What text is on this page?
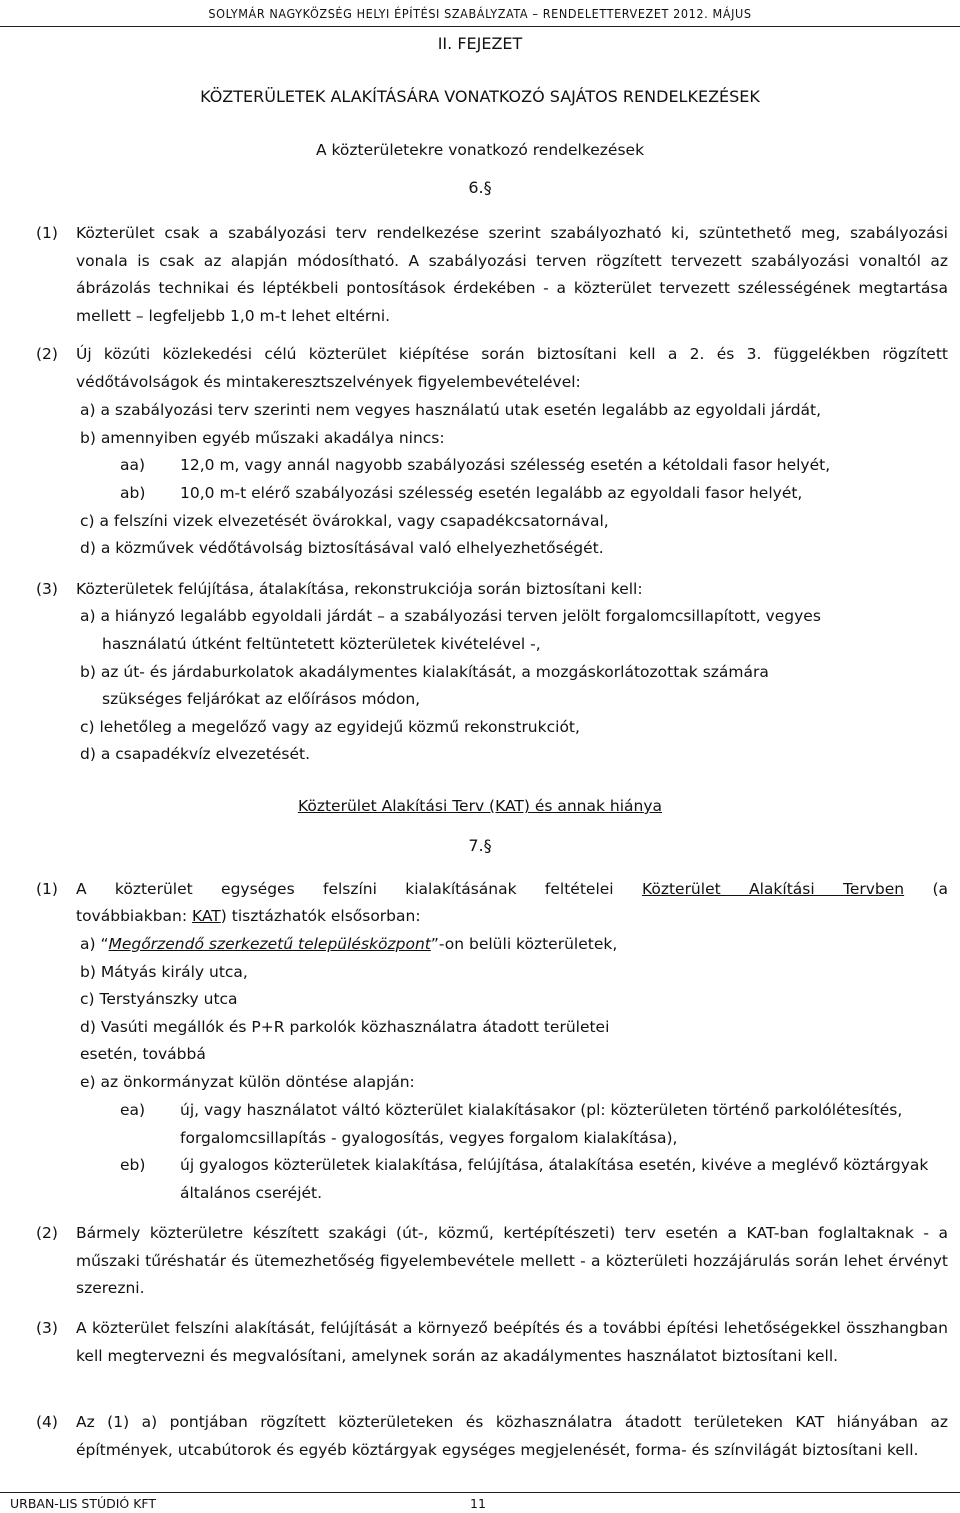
SOLYMÁR NAGYKÖZSÉG HELYI ÉPÍTÉSI SZABÁLYZATA – RENDELETTERVEZET 2012. MÁJUS
II. FEJEZET
KÖZTERÜLETEK ALAKÍTÁSÁRA VONATKOZÓ SAJÁTOS RENDELKEZÉSEK
A közterületekre vonatkozó rendelkezések
6.§
(1) Közterület csak a szabályozási terv rendelkezése szerint szabályozható ki, szüntethető meg, szabályozási vonala is csak az alapján módosítható. A szabályozási terven rögzített tervezett szabályozási vonaltól az ábrázolás technikai és léptékbeli pontosítások érdekében - a közterület tervezett szélességének megtartása mellett – legfeljebb 1,0 m-t lehet eltérni.
(2) Új közúti közlekedési célú közterület kiépítése során biztosítani kell a 2. és 3. függelékben rögzített védőtávolságok és mintakeresztszelvények figyelembevételével:
a) a szabályozási terv szerinti nem vegyes használatú utak esetén legalább az egyoldali járdát,
b) amennyiben egyéb műszaki akadálya nincs:
aa) 12,0 m, vagy annál nagyobb szabályozási szélesség esetén a kétoldali fasor helyét,
ab) 10,0 m-t elérő szabályozási szélesség esetén legalább az egyoldali fasor helyét,
c) a felszíni vizek elvezetését övárokkal, vagy csapadékcsatornával,
d) a közművek védőtávolság biztosításával való elhelyezhetőségét.
(3) Közterületek felújítása, átalakítása, rekonstrukciója során biztosítani kell:
a) a hiányzó legalább egyoldali járdát – a szabályozási terven jelölt forgalomcsillapított, vegyes
használatú útként feltüntetett közterületek kivételével -,
b) az út- és járdaburkolatok akadálymentes kialakítását, a mozgáskorlátozottak számára
szükséges feljárókat az előírásos módon,
c) lehetőleg a megelőző vagy az egyidejű közmű rekonstrukciót,
d) a csapadékvíz elvezetését.
Közterület Alakítási Terv (KAT) és annak hiánya
7.§
(1) A közterület egységes felszíni kialakításának feltételei Közterület Alakítási Tervben (a
továbbiakban: KAT) tisztázhatók elsősorban:
a) “Megőrzendő szerkezetű településközpont”-on belüli közterületek,
b) Mátyás király utca,
c) Terstyánszky utca
d) Vasúti megállók és P+R parkolók közhasználatra átadott területei
esetén, továbbá
e) az önkormányzat külön döntése alapján:
ea) új, vagy használatot váltó közterület kialakításakor (pl: közterületen történő parkolólétesítés, forgalomcsillapítás - gyalogosítás, vegyes forgalom kialakítása),
eb) új gyalogos közterületek kialakítása, felújítása, átalakítása esetén, kivéve a meglévő köztárgyak általános cseréjét.
(2) Bármely közterületre készített szakági (út-, közmű, kertépítészeti) terv esetén a KAT-ban foglaltaknak - a műszaki tűréshatár és ütemezhetőség figyelembevétele mellett - a közterületi hozzájárulás során lehet érvényt szerezni.
(3) A közterület felszíni alakítását, felújítását a környező beépítés és a további építési lehetőségekkel összhangban kell megtervezni és megvalósítani, amelynek során az akadálymentes használatot biztosítani kell.
(4) Az (1) a) pontjában rögzített közterületeken és közhasználatra átadott területeken KAT hiányában az építmények, utcabútorok és egyéb köztárgyak egységes megjelenését, forma- és színvilágát biztosítani kell.
URBAN-LIS STÚDIÓ KFT	11
